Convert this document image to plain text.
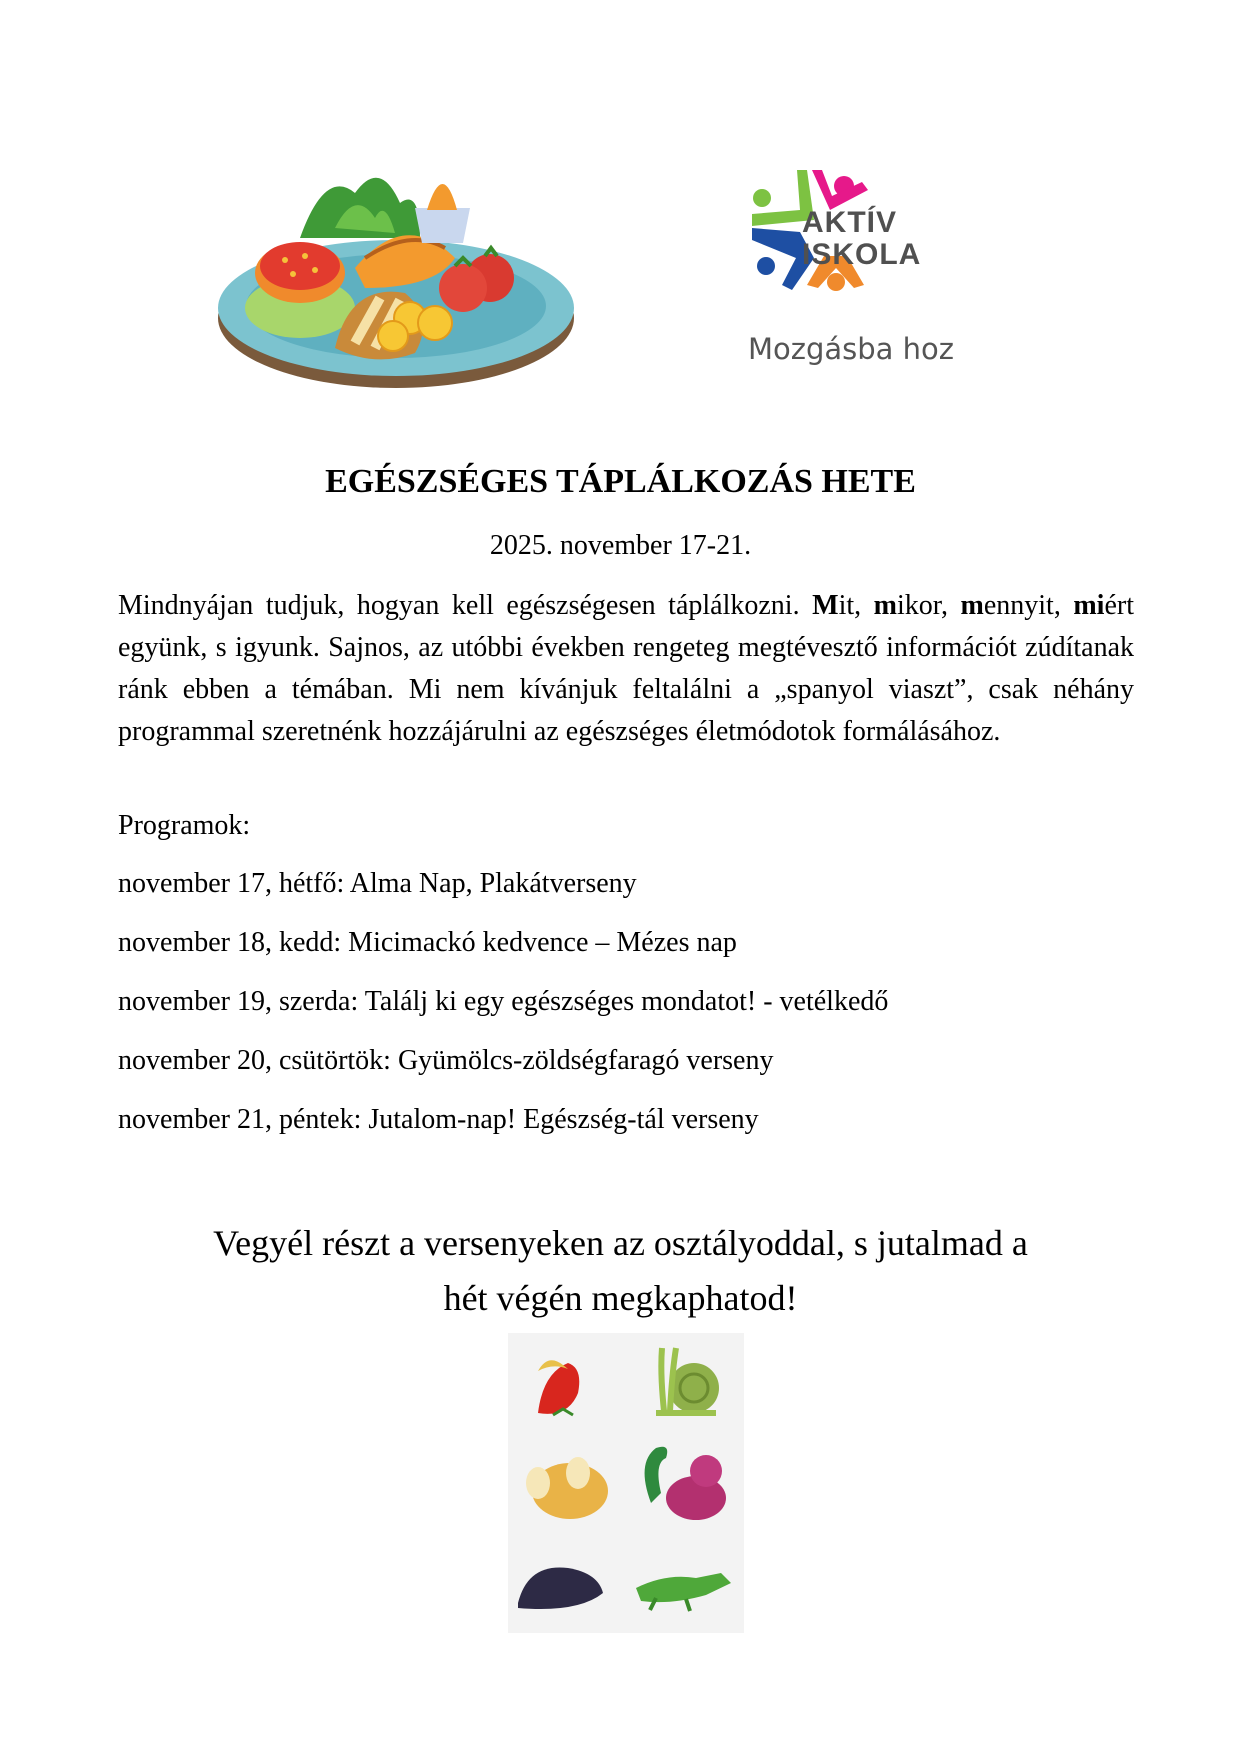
AKTÍV
ISKOLA
Mozgásba hoz
EGÉSZSÉGES TÁPLÁLKOZÁS HETE
2025. november 17-21.
Mindnyájan tudjuk, hogyan kell egészségesen táplálkozni. Mit, mikor, mennyit, miért együnk, s igyunk. Sajnos, az utóbbi években rengeteg megtévesztő információt zúdítanak ránk ebben a témában. Mi nem kívánjuk feltalálni a „spanyol viaszt”, csak néhány programmal szeretnénk hozzájárulni az egészséges életmódotok formálásához.
Programok:
november 17, hétfő: Alma Nap, Plakátverseny
november 18, kedd: Micimackó kedvence – Mézes nap
november 19, szerda: Találj ki egy egészséges mondatot! - vetélkedő
november 20, csütörtök: Gyümölcs-zöldségfaragó verseny
november 21, péntek: Jutalom-nap! Egészség-tál verseny
Vegyél részt a versenyeken az osztályoddal, s jutalmad a
hét végén megkaphatod!
